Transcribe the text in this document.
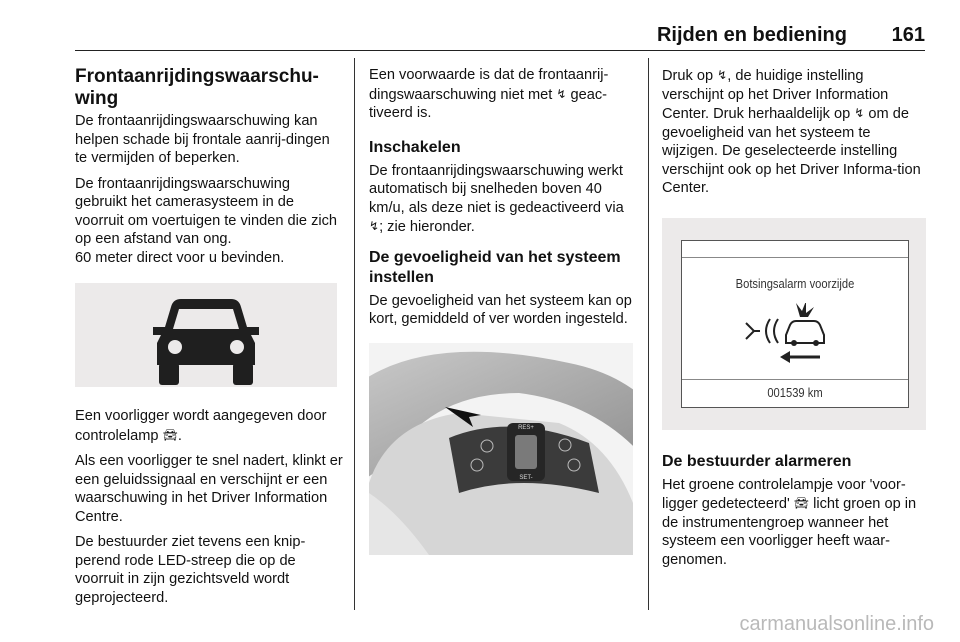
Rijden en bediening 161
Frontaanrijdingswaarschu-
wing

De frontaanrijdingswaarschuwing kan helpen schade bij frontale aanrij-dingen te vermijden of beperken.

De frontaanrijdingswaarschuwing gebruikt het camerasysteem in de voorruit om voertuigen te vinden die zich op een afstand van ong.
60 meter direct voor u bevinden.

Een voorligger wordt aangegeven door controlelamp 🚘︎.

Als een voorligger te snel nadert, klinkt er een geluidssignaal en verschijnt er een waarschuwing in het Driver Information Centre.

De bestuurder ziet tevens een knip-perend rode LED-streep die op de voorruit in zijn gezichtsveld wordt geprojecteerd.

Een voorwaarde is dat de frontaanrij-dingswaarschuwing niet met ↯ geac-tiveerd is.

Inschakelen

De frontaanrijdingswaarschuwing werkt automatisch bij snelheden boven 40 km/u, als deze niet is gedeactiveerd via ↯; zie hieronder.

De gevoeligheid van het systeem instellen

De gevoeligheid van het systeem kan op kort, gemiddeld of ver worden ingesteld.

RES+
SET-

Druk op ↯, de huidige instelling verschijnt op het Driver Information Center. Druk herhaaldelijk op ↯ om de gevoeligheid van het systeem te wijzigen. De geselecteerde instelling verschijnt ook op het Driver Informa-tion Center.

Botsingsalarm voorzijde
001539 km
De bestuurder alarmeren

Het groene controlelampje voor 'voor-ligger gedetecteerd' 🚘︎ licht groen op in de instrumentengroep wanneer het systeem een voorligger heeft waar-genomen.

carmanualsonline.info
